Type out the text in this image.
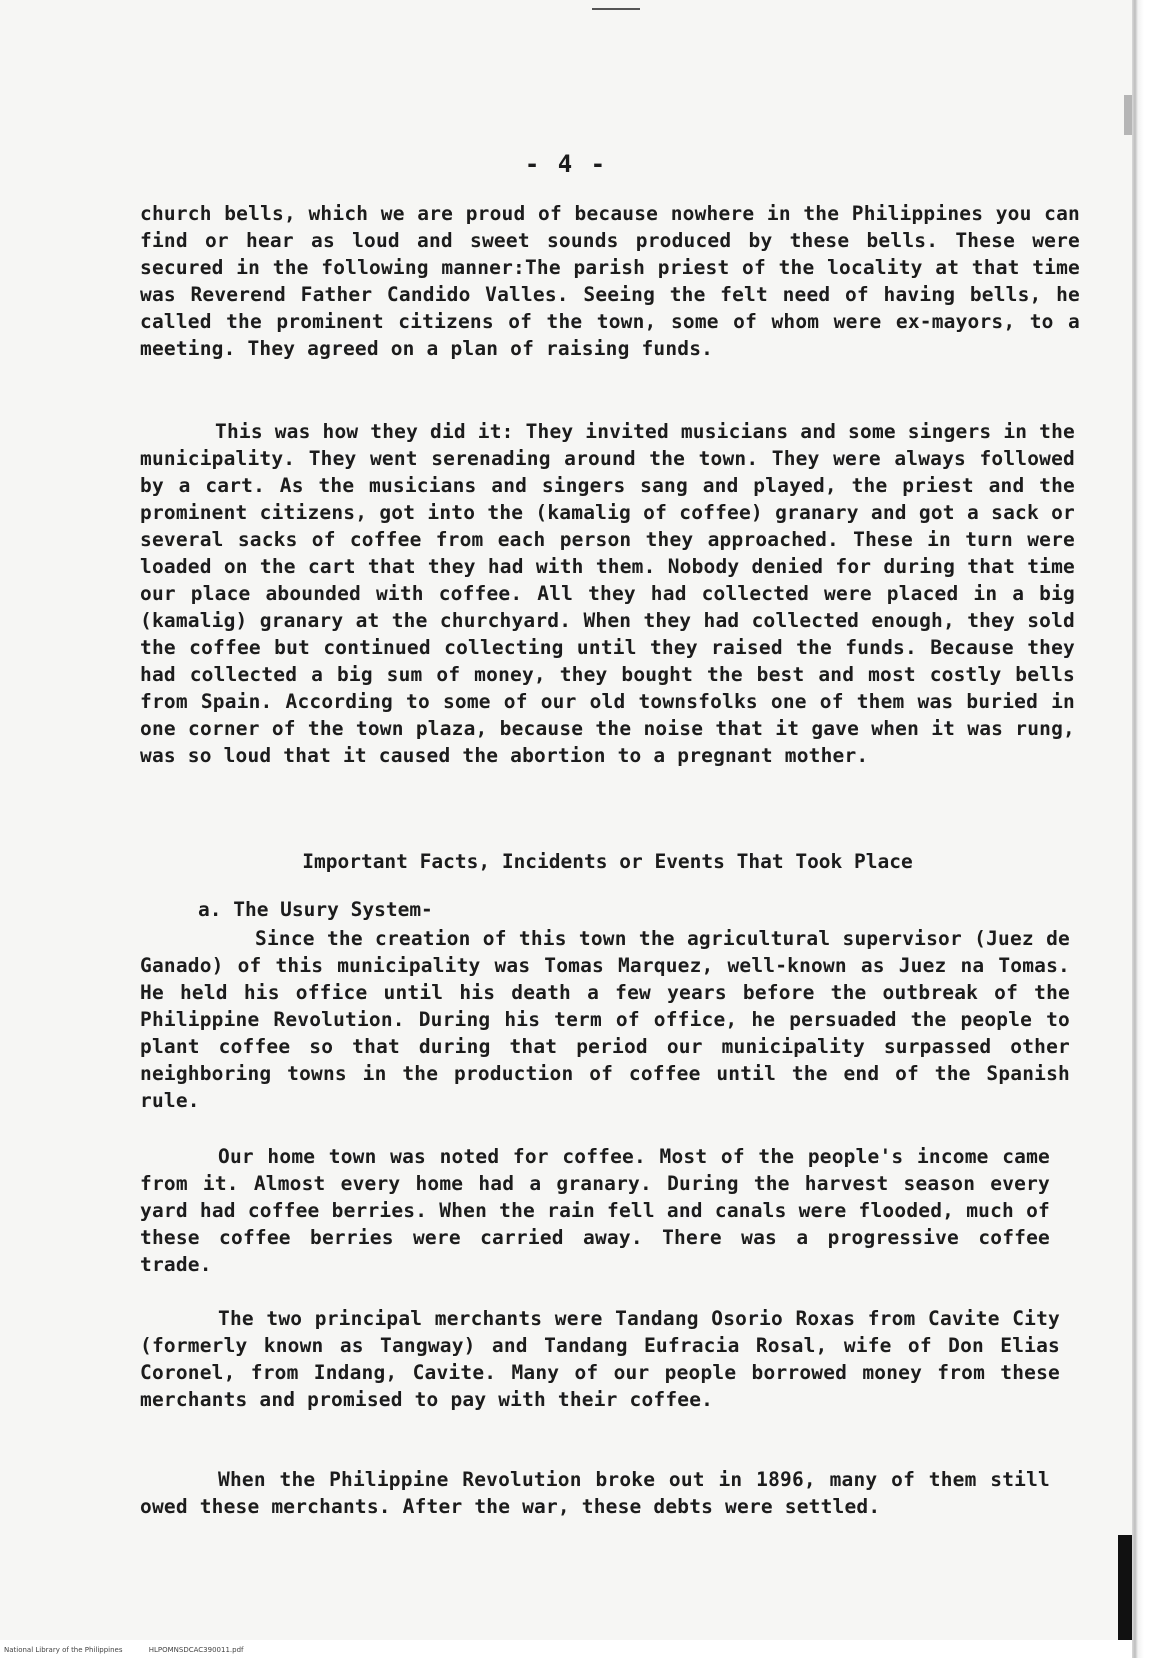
- 4 -

church bells, which we are proud of because nowhere in the Philippines you can find or hear as loud and sweet sounds produced by these bells. These were secured in the following manner:The parish priest of the locality at that time was Reverend Father Candido Valles. Seeing the felt need of having bells, he called the prominent citizens of the town, some of whom were ex-mayors, to a meeting. They agreed on a plan of raising funds.

This was how they did it: They invited musicians and some singers in the municipality. They went serenading around the town. They were always followed by a cart. As the musicians and singers sang and played, the priest and the prominent citizens, got into the (kamalig of coffee) granary and got a sack or several sacks of coffee from each person they approached. These in turn were loaded on the cart that they had with them. Nobody denied for during that time our place abounded with coffee. All they had collected were placed in a big (kamalig) granary at the churchyard. When they had collected enough, they sold the coffee but continued collecting until they raised the funds. Because they had collected a big sum of money, they bought the best and most costly bells from Spain. According to some of our old townsfolks one of them was buried in one corner of the town plaza, because the noise that it gave when it was rung, was so loud that it caused the abortion to a pregnant mother.

Important Facts, Incidents or Events That Took Place
a. The Usury System-

Since the creation of this town the agricultural supervisor (Juez de Ganado) of this municipality was Tomas Marquez, well-known as Juez na Tomas. He held his office until his death a few years before the outbreak of the Philippine Revolution. During his term of office, he persuaded the people to plant coffee so that during that period our municipality surpassed other neighboring towns in the production of coffee until the end of the Spanish rule.

Our home town was noted for coffee. Most of the people's income came from it. Almost every home had a granary. During the harvest season every yard had coffee berries. When the rain fell and canals were flooded, much of these coffee berries were carried away. There was a progressive coffee trade.

The two principal merchants were Tandang Osorio Roxas from Cavite City (formerly known as Tangway) and Tandang Eufracia Rosal, wife of Don Elias Coronel, from Indang, Cavite. Many of our people borrowed money from these merchants and promised to pay with their coffee.

When the Philippine Revolution broke out in 1896, many of them still owed these merchants. After the war, these debts were settled.

National Library of the Philippines	HLPOMNSDCAC390011.pdf
